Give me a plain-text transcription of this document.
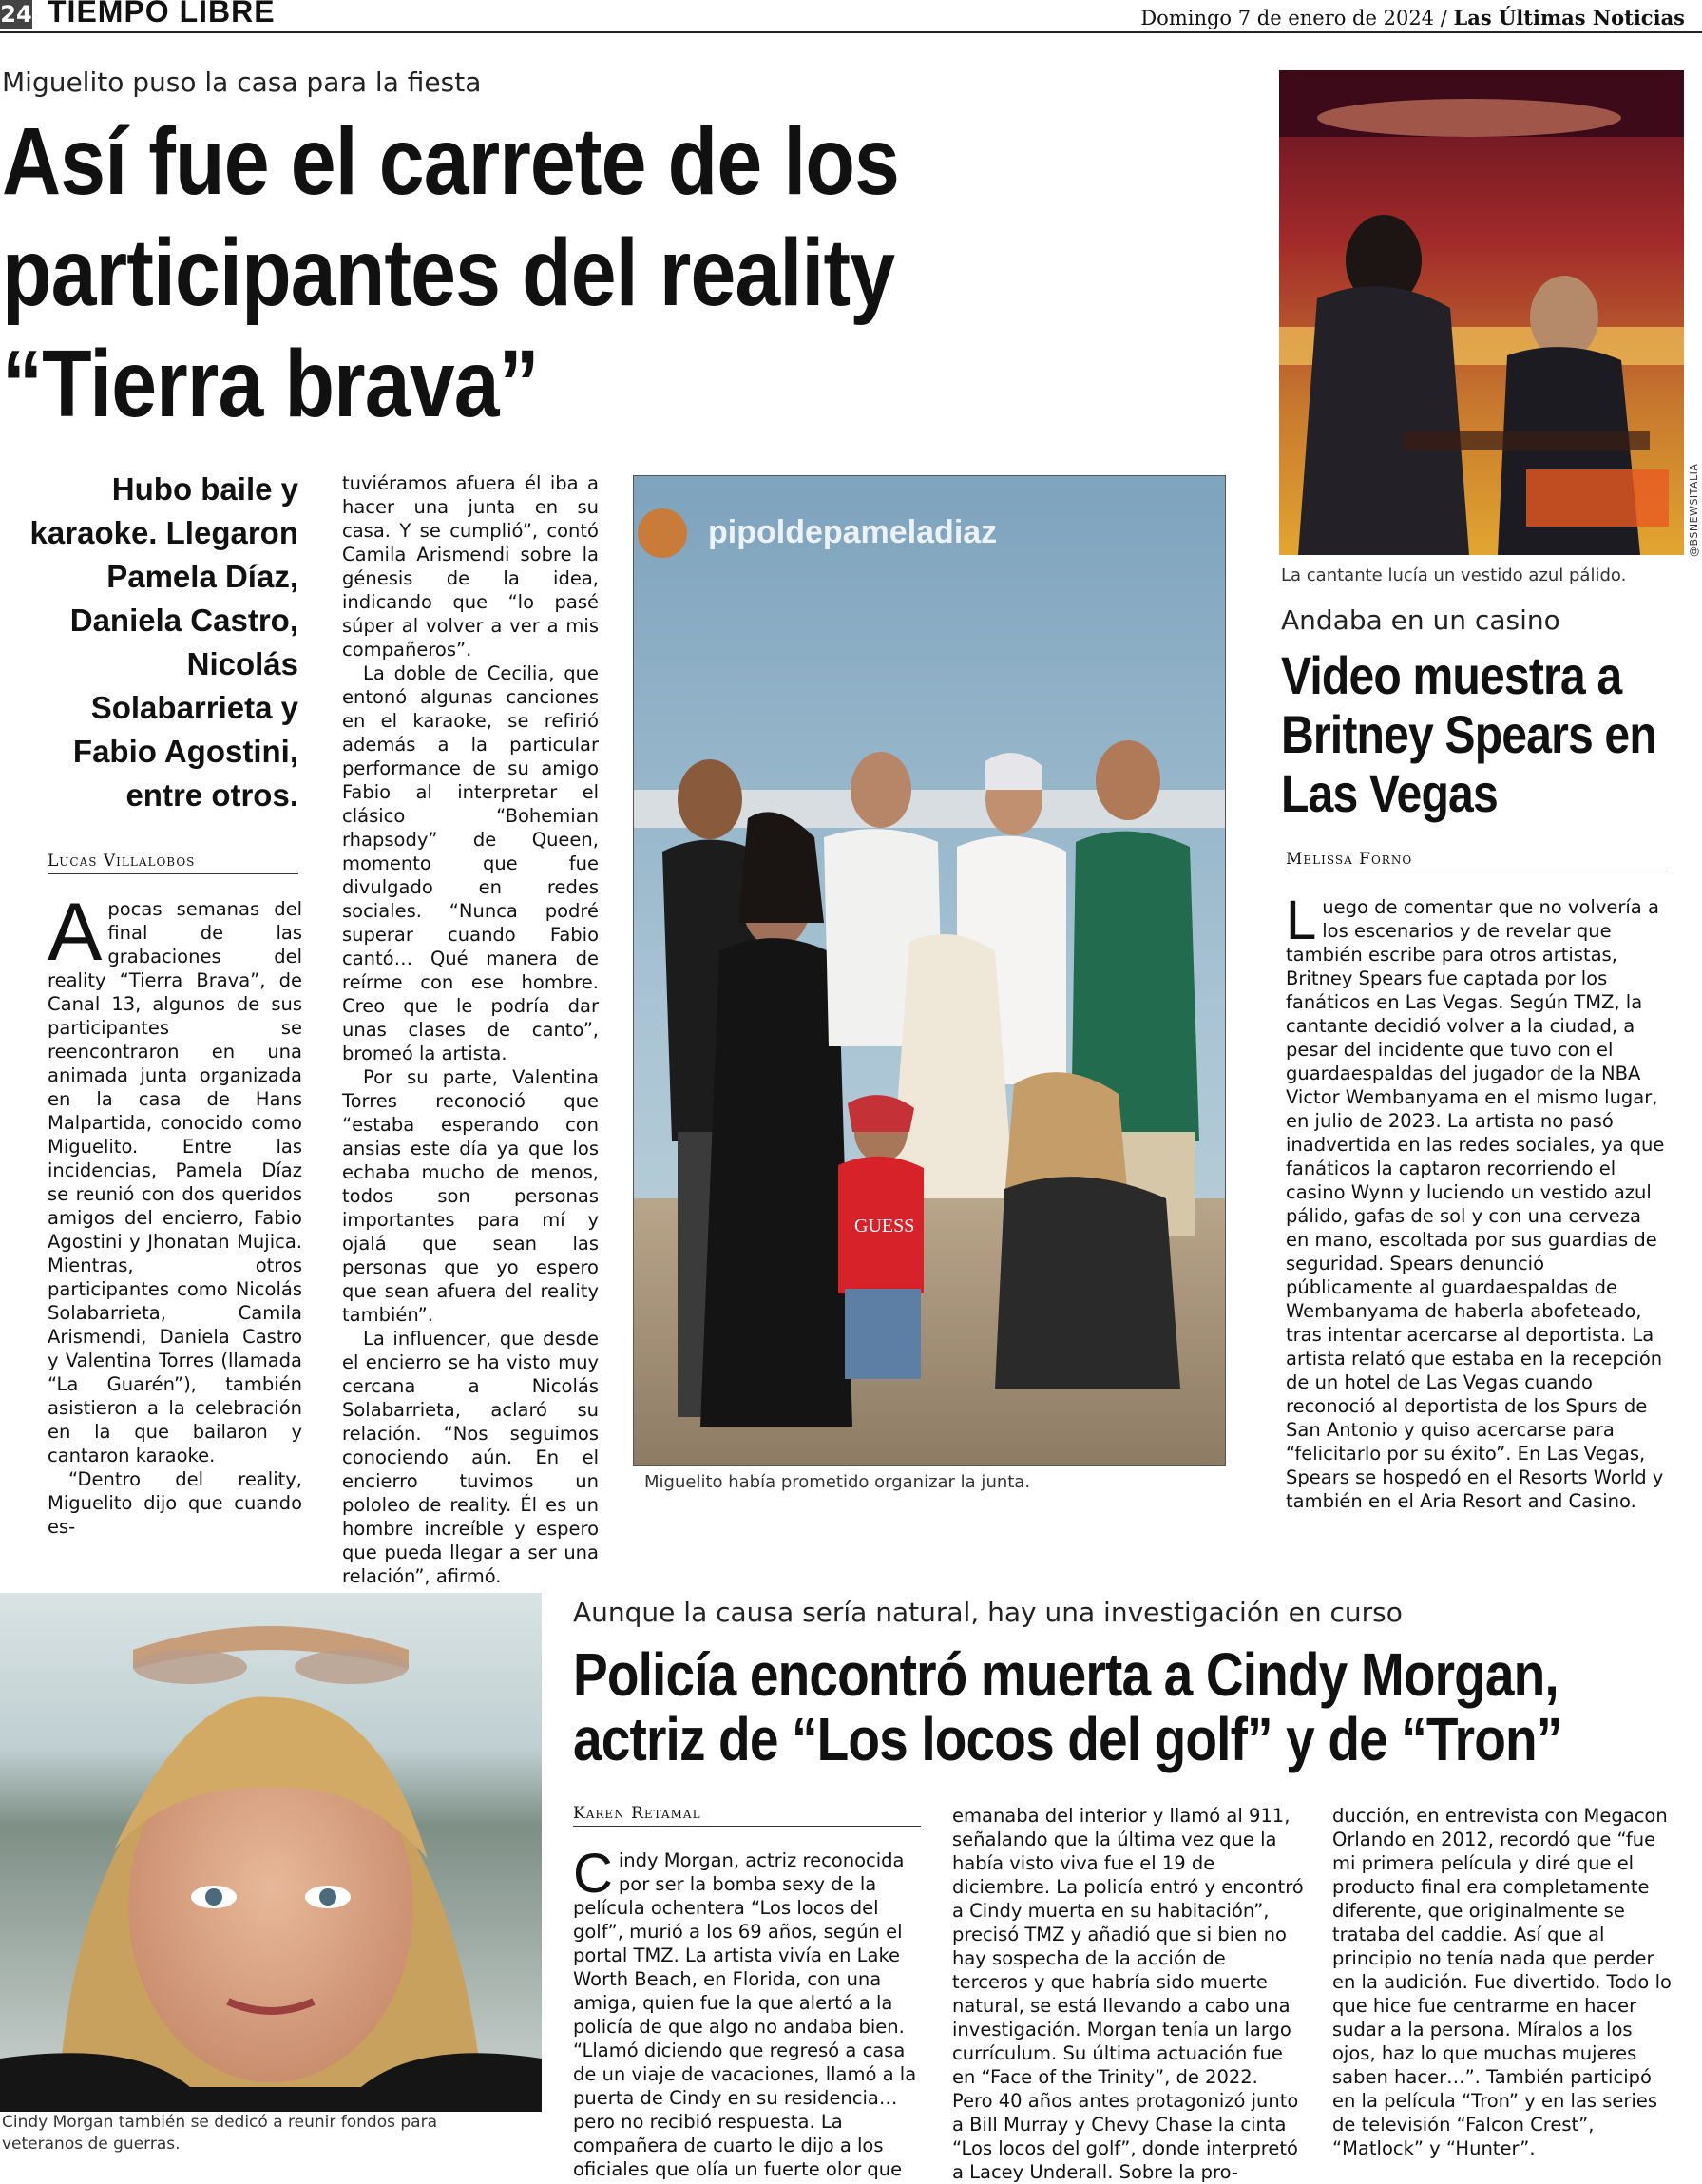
24 TIEMPO LIBRE	Domingo 7 de enero de 2024 / Las Últimas Noticias
Miguelito puso la casa para la fiesta
Así fue el carrete de los
participantes del reality
“Tierra brava”
Hubo baile y karaoke. Llegaron Pamela Díaz, Daniela Castro, Nicolás Solabarrieta y Fabio Agostini, entre otros.
Lucas Villalobos

Apocas semanas del final de las grabaciones del reality “Tierra Brava”, de Canal 13, algunos de sus participantes se reencontraron en una animada junta organizada en la casa de Hans Malpartida, conocido como Miguelito. Entre las incidencias, Pamela Díaz se reunió con dos queridos amigos del encierro, Fabio Agostini y Jhonatan Mujica. Mientras, otros participantes como Nicolás Solabarrieta, Camila Arismendi, Daniela Castro y Valentina Torres (llamada “La Guarén”), también asistieron a la celebración en la que bailaron y cantaron karaoke.

“Dentro del reality, Miguelito dijo que cuando es-

tuviéramos afuera él iba a hacer una junta en su casa. Y se cumplió”, contó Camila Arismendi sobre la génesis de la idea, indicando que “lo pasé súper al volver a ver a mis compañeros”.

La doble de Cecilia, que entonó algunas canciones en el karaoke, se refirió además a la particular performance de su amigo Fabio al interpretar el clásico “Bohemian rhapsody” de Queen, momento que fue divulgado en redes sociales. “Nunca podré superar cuando Fabio cantó… Qué manera de reírme con ese hombre. Creo que le podría dar unas clases de canto”, bromeó la artista.

Por su parte, Valentina Torres reconoció que “estaba esperando con ansias este día ya que los echaba mucho de menos, todos son personas importantes para mí y ojalá que sean las personas que yo espero que sean afuera del reality también”.

La influencer, que desde el encierro se ha visto muy cercana a Nicolás Solabarrieta, aclaró su relación. “Nos seguimos conociendo aún. En el encierro tuvimos un pololeo de reality. Él es un hombre increíble y espero que pueda llegar a ser una relación”, afirmó.

GUESS
pipoldepameladiaz
Miguelito había prometido organizar la junta.
@BSNEWSITALIA
La cantante lucía un vestido azul pálido.
Andaba en un casino
Video muestra a
Britney Spears en
Las Vegas
Melissa Forno

Luego de comentar que no volvería a los escenarios y de revelar que también escribe para otros artistas, Britney Spears fue captada por los fanáticos en Las Vegas. Según TMZ, la cantante decidió volver a la ciudad, a pesar del incidente que tuvo con el guardaespaldas del jugador de la NBA Victor Wembanyama en el mismo lugar, en julio de 2023. La artista no pasó inadvertida en las redes sociales, ya que fanáticos la captaron recorriendo el casino Wynn y luciendo un vestido azul pálido, gafas de sol y con una cerveza en mano, escoltada por sus guardias de seguridad. Spears denunció públicamente al guardaespaldas de Wembanyama de haberla abofeteado, tras intentar acercarse al deportista. La artista relató que estaba en la recepción de un hotel de Las Vegas cuando reconoció al deportista de los Spurs de San Antonio y quiso acercarse para “felicitarlo por su éxito”. En Las Vegas, Spears se hospedó en el Resorts World y también en el Aria Resort and Casino.

Cindy Morgan también se dedicó a reunir fondos para veteranos de guerras.
Aunque la causa sería natural, hay una investigación en curso
Policía encontró muerta a Cindy Morgan,
actriz de “Los locos del golf” y de “Tron”
Karen Retamal

Cindy Morgan, actriz reconocida por ser la bomba sexy de la película ochentera “Los locos del golf”, murió a los 69 años, según el portal TMZ. La artista vivía en Lake Worth Beach, en Florida, con una amiga, quien fue la que alertó a la policía de que algo no andaba bien. “Llamó diciendo que regresó a casa de un viaje de vacaciones, llamó a la puerta de Cindy en su residencia… pero no recibió respuesta. La compañera de cuarto le dijo a los oficiales que olía un fuerte olor que

emanaba del interior y llamó al 911, señalando que la última vez que la había visto viva fue el 19 de diciembre. La policía entró y encontró a Cindy muerta en su habitación”, precisó TMZ y añadió que si bien no hay sospecha de la acción de terceros y que habría sido muerte natural, se está llevando a cabo una investigación. Morgan tenía un largo currículum. Su última actuación fue en “Face of the Trinity”, de 2022. Pero 40 años antes protagonizó junto a Bill Murray y Chevy Chase la cinta “Los locos del golf”, donde interpretó a Lacey Underall. Sobre la pro-

ducción, en entrevista con Megacon Orlando en 2012, recordó que “fue mi primera película y diré que el producto final era completamente diferente, que originalmente se trataba del caddie. Así que al principio no tenía nada que perder en la audición. Fue divertido. Todo lo que hice fue centrarme en hacer sudar a la persona. Míralos a los ojos, haz lo que muchas mujeres saben hacer…”. También participó en la película “Tron” y en las series de televisión “Falcon Crest”, “Matlock” y “Hunter”.
